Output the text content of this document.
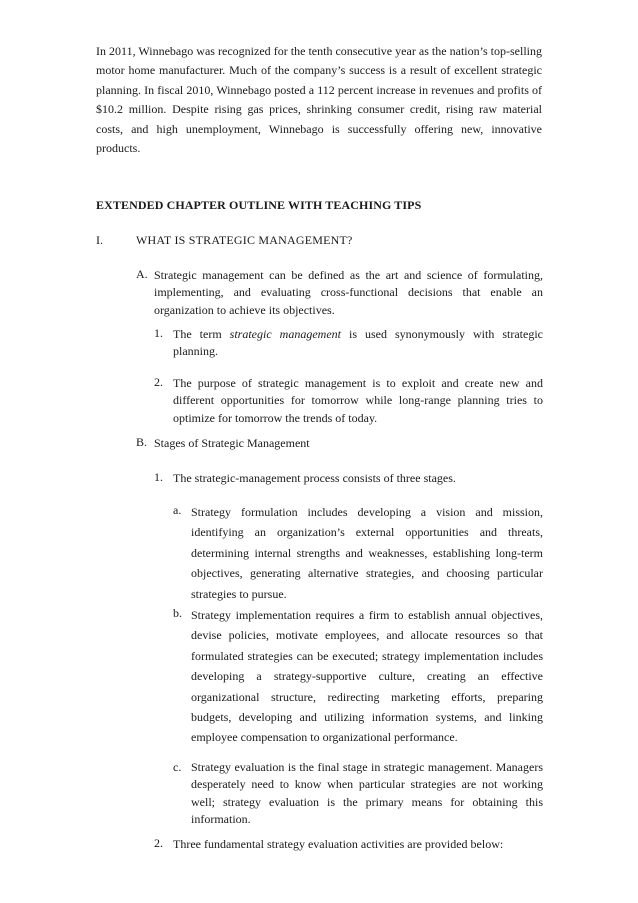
In 2011, Winnebago was recognized for the tenth consecutive year as the nation’s top-selling motor home manufacturer. Much of the company’s success is a result of excellent strategic planning. In fiscal 2010, Winnebago posted a 112 percent increase in revenues and profits of $10.2 million. Despite rising gas prices, shrinking consumer credit, rising raw material costs, and high unemployment, Winnebago is successfully offering new, innovative products.

EXTENDED CHAPTER OUTLINE WITH TEACHING TIPS

I.	WHAT IS STRATEGIC MANAGEMENT?

A. Strategic management can be defined as the art and science of formulating, implementing, and evaluating cross-functional decisions that enable an organization to achieve its objectives.

1. The term strategic management is used synonymously with strategic planning.

2. The purpose of strategic management is to exploit and create new and different opportunities for tomorrow while long-range planning tries to optimize for tomorrow the trends of today.

B. Stages of Strategic Management

1. The strategic-management process consists of three stages.

a. Strategy formulation includes developing a vision and mission, identifying an organization’s external opportunities and threats, determining internal strengths and weaknesses, establishing long-term objectives, generating alternative strategies, and choosing particular strategies to pursue.

b. Strategy implementation requires a firm to establish annual objectives, devise policies, motivate employees, and allocate resources so that formulated strategies can be executed; strategy implementation includes developing a strategy-supportive culture, creating an effective organizational structure, redirecting marketing efforts, preparing budgets, developing and utilizing information systems, and linking employee compensation to organizational performance.

c. Strategy evaluation is the final stage in strategic management. Managers desperately need to know when particular strategies are not working well; strategy evaluation is the primary means for obtaining this information.

2. Three fundamental strategy evaluation activities are provided below:
